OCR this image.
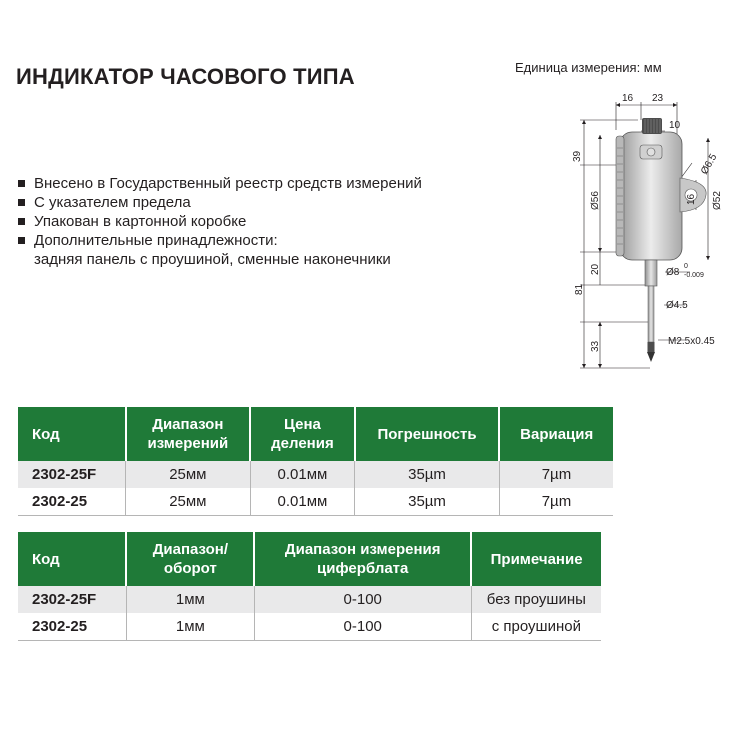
ИНДИКАТОР ЧАСОВОГО ТИПА	Единица измерения: мм
Внесено в Государственный реестр средств измерений
С указателем предела
Упакован в картонной коробке
Дополнительные принадлежности:
задняя панель с проушиной, сменные наконечники
16 23
10
39
Ø56
Ø6.5
16 Ø52
81
20	Ø8
0
-0.009
Ø4.5
33	M2.5x0.45
Код	Диапазон измерений	Цена деления	Погрешность	Вариация
2302-25F	25мм	0.01мм	35µm	7µm
2302-25	25мм	0.01мм	35µm	7µm
Код	Диапазон/ оборот	Диапазон измерения циферблата	Примечание
2302-25F	1мм	0-100	без проушины
2302-25	1мм	0-100	с проушиной
